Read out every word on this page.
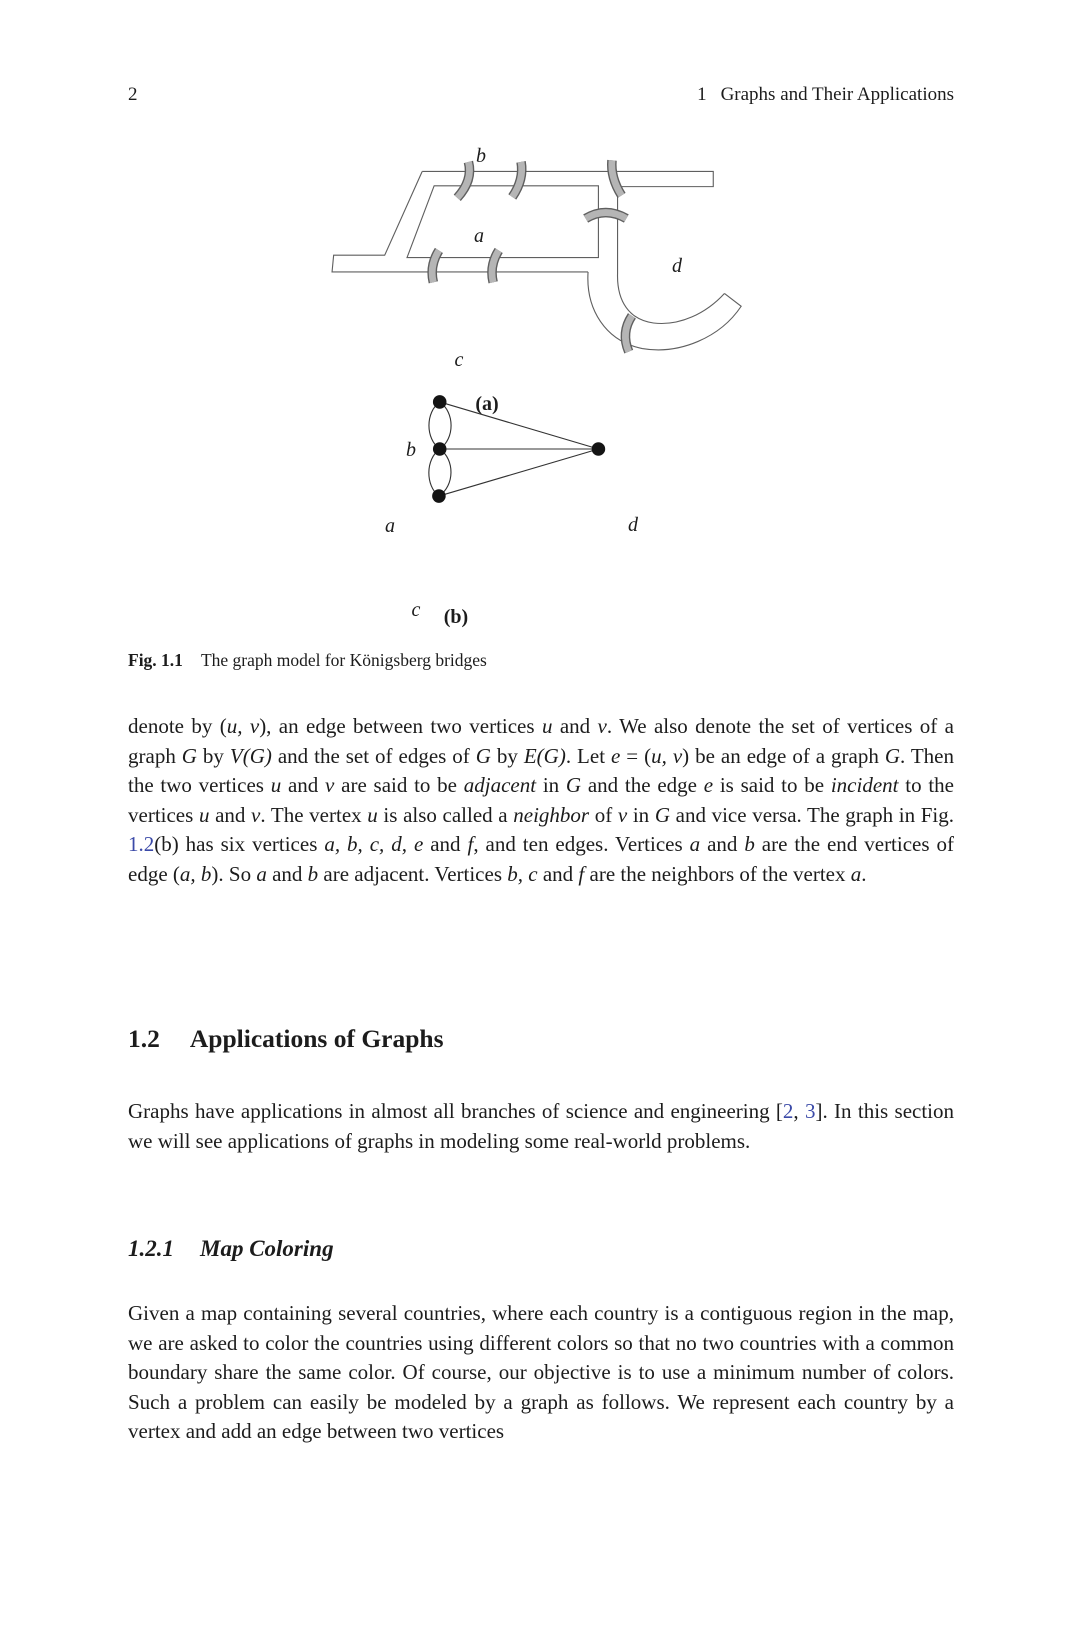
2	1 Graphs and Their Applications
b
a
c
d
(a)
b
a
c
d
(b)
Fig. 1.1 The graph model for Königsberg bridges
denote by (u, v), an edge between two vertices u and v. We also denote the set of vertices of a graph G by V(G) and the set of edges of G by E(G). Let e = (u, v) be an edge of a graph G. Then the two vertices u and v are said to be adjacent in G and the edge e is said to be incident to the vertices u and v. The vertex u is also called a neighbor of v in G and vice versa. The graph in Fig. 1.2(b) has six vertices a, b, c, d, e and f, and ten edges. Vertices a and b are the end vertices of edge (a, b). So a and b are adjacent. Vertices b, c and f are the neighbors of the vertex a.
1.2 Applications of Graphs
Graphs have applications in almost all branches of science and engineering [2, 3]. In this section we will see applications of graphs in modeling some real-world problems.
1.2.1 Map Coloring
Given a map containing several countries, where each country is a contiguous region in the map, we are asked to color the countries using different colors so that no two countries with a common boundary share the same color. Of course, our objective is to use a minimum number of colors. Such a problem can easily be modeled by a graph as follows. We represent each country by a vertex and add an edge between two vertices
